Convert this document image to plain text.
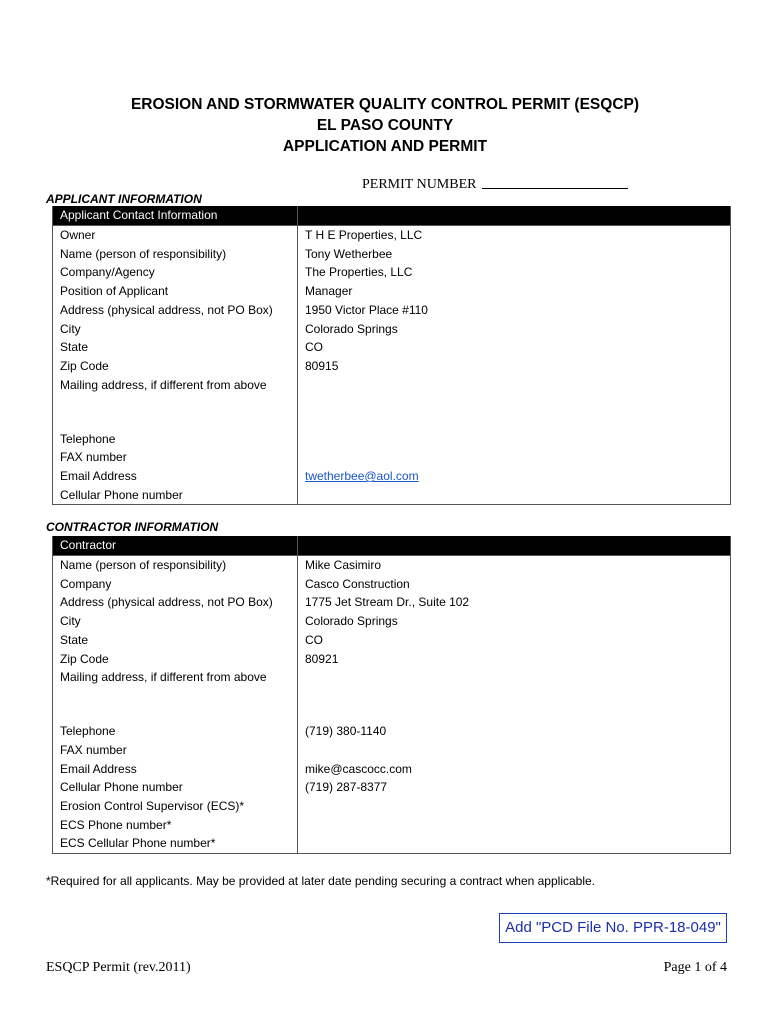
EROSION AND STORMWATER QUALITY CONTROL PERMIT (ESQCP)
EL PASO COUNTY
APPLICATION AND PERMIT
PERMIT NUMBER
APPLICANT INFORMATION
Applicant Contact Information	
Owner	T H E Properties, LLC
Name (person of responsibility)	Tony Wetherbee
Company/Agency	The Properties, LLC
Position of Applicant	Manager
Address (physical address, not PO Box)	1950 Victor Place #110
City	Colorado Springs
State	CO
Zip Code	80915
Mailing address, if different from above	
Telephone	
FAX number	
Email Address	twetherbee@aol.com
Cellular Phone number	
CONTRACTOR INFORMATION
Contractor	
Name (person of responsibility)	Mike Casimiro
Company	Casco Construction
Address (physical address, not PO Box)	1775 Jet Stream Dr., Suite 102
City	Colorado Springs
State	CO
Zip Code	80921
Mailing address, if different from above	
Telephone	(719) 380-1140
FAX number	
Email Address	mike@cascocc.com
Cellular Phone number	(719) 287-8377
Erosion Control Supervisor (ECS)*	
ECS Phone number*	
ECS Cellular Phone number*	
*Required for all applicants. May be provided at later date pending securing a contract when applicable.
Add "PCD File No. PPR-18-049"
ESQCP Permit (rev.2011)	Page 1 of 4
